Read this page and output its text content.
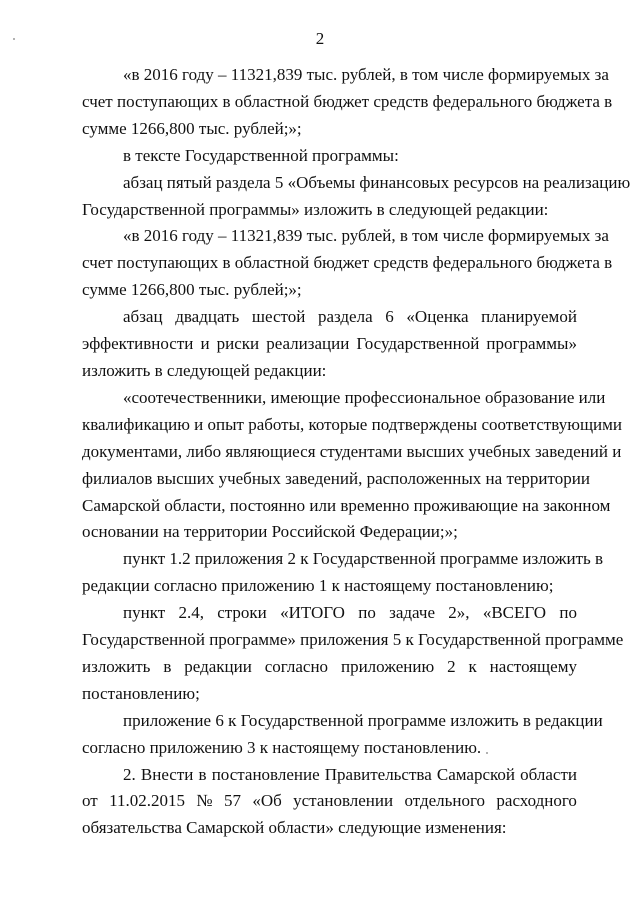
2
«в 2016 году – 11321,839 тыс. рублей, в том числе формируемых за
счет поступающих в областной бюджет средств федерального бюджета в
сумме 1266,800 тыс. рублей;»;
в тексте Государственной программы:
абзац пятый раздела 5 «Объемы финансовых ресурсов на реализацию
Государственной программы» изложить в следующей редакции:
«в 2016 году – 11321,839 тыс. рублей, в том числе формируемых за
счет поступающих в областной бюджет средств федерального бюджета в
сумме 1266,800 тыс. рублей;»;
абзац двадцать шестой раздела 6 «Оценка планируемой
эффективности и риски реализации Государственной программы»
изложить в следующей редакции:
«соотечественники, имеющие профессиональное образование или
квалификацию и опыт работы, которые подтверждены соответствующими
документами, либо являющиеся студентами высших учебных заведений и
филиалов высших учебных заведений, расположенных на территории
Самарской области, постоянно или временно проживающие на законном
основании на территории Российской Федерации;»;
пункт 1.2 приложения 2 к Государственной программе изложить в
редакции согласно приложению 1 к настоящему постановлению;
пункт 2.4, строки «ИТОГО по задаче 2», «ВСЕГО по
Государственной программе» приложения 5 к Государственной программе
изложить в редакции согласно приложению 2 к настоящему
постановлению;
приложение 6 к Государственной программе изложить в редакции
согласно приложению 3 к настоящему постановлению.
2. Внести в постановление Правительства Самарской области
от 11.02.2015 № 57 «Об установлении отдельного расходного
обязательства Самарской области» следующие изменения:
